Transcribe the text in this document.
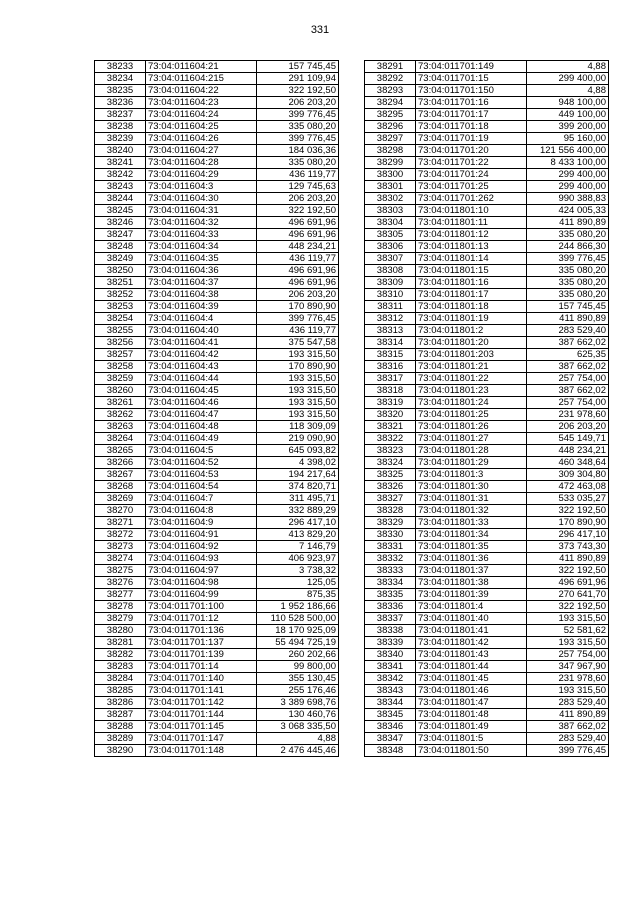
331
38233	73:04:011604:21	157 745,45
38234	73:04:011604:215	291 109,94
38235	73:04:011604:22	322 192,50
38236	73:04:011604:23	206 203,20
38237	73:04:011604:24	399 776,45
38238	73:04:011604:25	335 080,20
38239	73:04:011604:26	399 776,45
38240	73:04:011604:27	184 036,36
38241	73:04:011604:28	335 080,20
38242	73:04:011604:29	436 119,77
38243	73:04:011604:3	129 745,63
38244	73:04:011604:30	206 203,20
38245	73:04:011604:31	322 192,50
38246	73:04:011604:32	496 691,96
38247	73:04:011604:33	496 691,96
38248	73:04:011604:34	448 234,21
38249	73:04:011604:35	436 119,77
38250	73:04:011604:36	496 691,96
38251	73:04:011604:37	496 691,96
38252	73:04:011604:38	206 203,20
38253	73:04:011604:39	170 890,90
38254	73:04:011604:4	399 776,45
38255	73:04:011604:40	436 119,77
38256	73:04:011604:41	375 547,58
38257	73:04:011604:42	193 315,50
38258	73:04:011604:43	170 890,90
38259	73:04:011604:44	193 315,50
38260	73:04:011604:45	193 315,50
38261	73:04:011604:46	193 315,50
38262	73:04:011604:47	193 315,50
38263	73:04:011604:48	118 309,09
38264	73:04:011604:49	219 090,90
38265	73:04:011604:5	645 093,82
38266	73:04:011604:52	4 398,02
38267	73:04:011604:53	194 217,64
38268	73:04:011604:54	374 820,71
38269	73:04:011604:7	311 495,71
38270	73:04:011604:8	332 889,29
38271	73:04:011604:9	296 417,10
38272	73:04:011604:91	413 829,20
38273	73:04:011604:92	7 146,79
38274	73:04:011604:93	406 923,97
38275	73:04:011604:97	3 738,32
38276	73:04:011604:98	125,05
38277	73:04:011604:99	875,35
38278	73:04:011701:100	1 952 186,66
38279	73:04:011701:12	110 528 500,00
38280	73:04:011701:136	18 170 925,09
38281	73:04:011701:137	55 494 725,19
38282	73:04:011701:139	260 202,66
38283	73:04:011701:14	99 800,00
38284	73:04:011701:140	355 130,45
38285	73:04:011701:141	255 176,46
38286	73:04:011701:142	3 389 698,76
38287	73:04:011701:144	130 460,76
38288	73:04:011701:145	3 068 335,50
38289	73:04:011701:147	4,88
38290	73:04:011701:148	2 476 445,46
38291	73:04:011701:149	4,88
38292	73:04:011701:15	299 400,00
38293	73:04:011701:150	4,88
38294	73:04:011701:16	948 100,00
38295	73:04:011701:17	449 100,00
38296	73:04:011701:18	399 200,00
38297	73:04:011701:19	95 160,00
38298	73:04:011701:20	121 556 400,00
38299	73:04:011701:22	8 433 100,00
38300	73:04:011701:24	299 400,00
38301	73:04:011701:25	299 400,00
38302	73:04:011701:262	990 388,83
38303	73:04:011801:10	424 005,33
38304	73:04:011801:11	411 890,89
38305	73:04:011801:12	335 080,20
38306	73:04:011801:13	244 866,30
38307	73:04:011801:14	399 776,45
38308	73:04:011801:15	335 080,20
38309	73:04:011801:16	335 080,20
38310	73:04:011801:17	335 080,20
38311	73:04:011801:18	157 745,45
38312	73:04:011801:19	411 890,89
38313	73:04:011801:2	283 529,40
38314	73:04:011801:20	387 662,02
38315	73:04:011801:203	625,35
38316	73:04:011801:21	387 662,02
38317	73:04:011801:22	257 754,00
38318	73:04:011801:23	387 662,02
38319	73:04:011801:24	257 754,00
38320	73:04:011801:25	231 978,60
38321	73:04:011801:26	206 203,20
38322	73:04:011801:27	545 149,71
38323	73:04:011801:28	448 234,21
38324	73:04:011801:29	460 348,64
38325	73:04:011801:3	309 304,80
38326	73:04:011801:30	472 463,08
38327	73:04:011801:31	533 035,27
38328	73:04:011801:32	322 192,50
38329	73:04:011801:33	170 890,90
38330	73:04:011801:34	296 417,10
38331	73:04:011801:35	373 743,30
38332	73:04:011801:36	411 890,89
38333	73:04:011801:37	322 192,50
38334	73:04:011801:38	496 691,96
38335	73:04:011801:39	270 641,70
38336	73:04:011801:4	322 192,50
38337	73:04:011801:40	193 315,50
38338	73:04:011801:41	52 581,62
38339	73:04:011801:42	193 315,50
38340	73:04:011801:43	257 754,00
38341	73:04:011801:44	347 967,90
38342	73:04:011801:45	231 978,60
38343	73:04:011801:46	193 315,50
38344	73:04:011801:47	283 529,40
38345	73:04:011801:48	411 890,89
38346	73:04:011801:49	387 662,02
38347	73:04:011801:5	283 529,40
38348	73:04:011801:50	399 776,45
